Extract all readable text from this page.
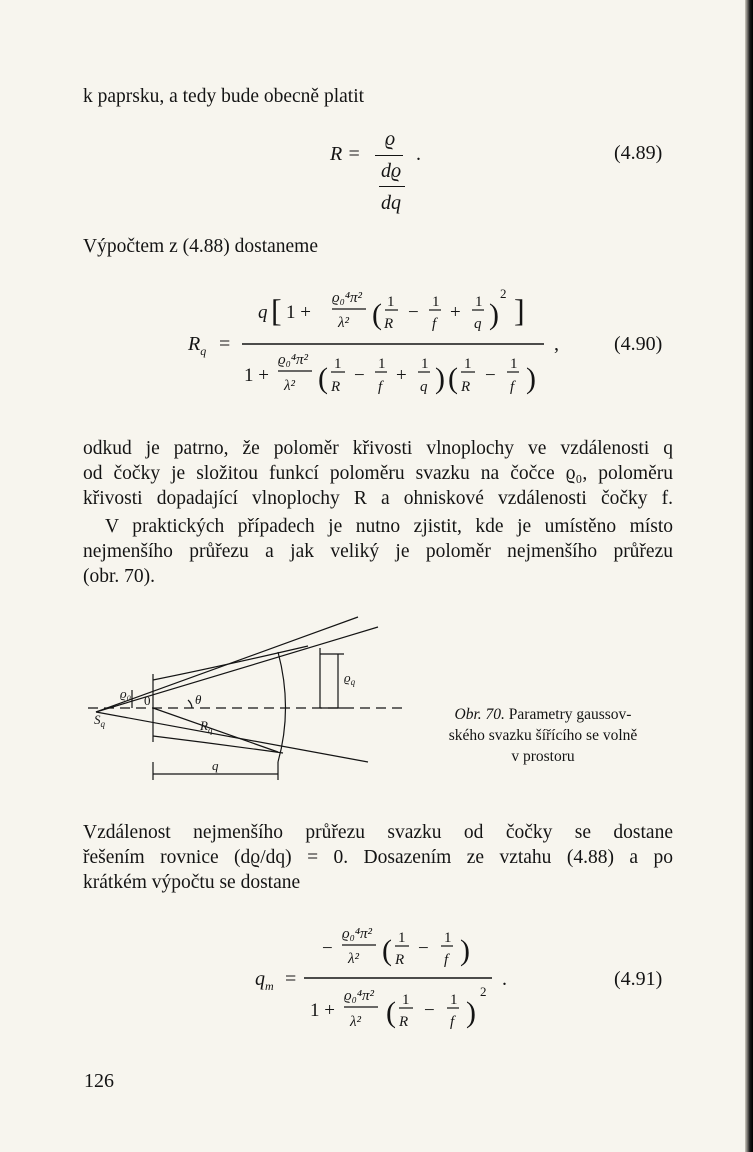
k paprsku, a tedy bude obecně platit
R =
ϱ
dϱ
dq
.	(4.89)
Výpočtem z (4.88) dostaneme
$R_q$ =
q [ 1 +
ϱ₀⁴π²
λ² ( 1
R
− 1
f
+ 1
q )
2 ]
1 +
ϱ₀⁴π²
λ² ( 1
R
−
1
f
+
1
q ) ( 1
R
−
1
f )
,	(4.90)
odkud je patrno, že poloměr křivosti vlnoplochy ve vzdálenosti q
od čočky je složitou funkcí poloměru svazku na čočce ϱ₀, poloměru
křivosti dopadající vlnoplochy R a ohniskové vzdálenosti čočky f.
V praktických případech je nutno zjistit, kde je umístěno místo
nejmenšího průřezu a jak veliký je poloměr nejmenšího průřezu
(obr. 70).
$S_q$
ϱ₀ 0	θ
$R_q$
$ϱ_q$
q
Obr. 70. Parametry gaussov-
ského svazku šířícího se volně
v prostoru
Vzdálenost nejmenšího průřezu svazku od čočky se dostane
řešením rovnice (dϱ/dq) = 0. Dosazením ze vztahu (4.88) a po
krátkém výpočtu se dostane
$q_m$ =
−
ϱ₀⁴π²
λ² ( 1
R
− 1
f )
1 +
ϱ₀⁴π²
λ² ( 1
R
− 1
f )
2
.	(4.91)
126
